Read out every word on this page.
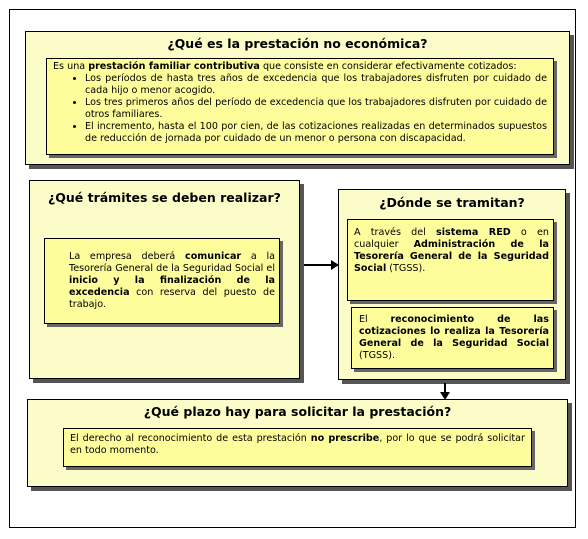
¿Qué es la prestación no económica?

Es una prestación familiar contributiva que consiste en considerar efectivamente cotizados:

• Los períodos de hasta tres años de excedencia que los trabajadores disfruten por cuidado de cada hijo o menor acogido.
• Los tres primeros años del período de excedencia que los trabajadores disfruten por cuidado de otros familiares.
• El incremento, hasta el 100 por cien, de las cotizaciones realizadas en determinados supuestos de reducción de jornada por cuidado de un menor o persona con discapacidad.
¿Qué trámites se deben realizar?
La empresa deberá comunicar a la Tesorería General de la Seguridad Social el inicio y la finalización de la excedencia con reserva del puesto de trabajo.
¿Dónde se tramitan?
A través del sistema RED o en cualquier Administración de la Tesorería General de la Seguridad Social (TGSS).
El reconocimiento de las cotizaciones lo realiza la Tesorería General de la Seguridad Social (TGSS).
¿Qué plazo hay para solicitar la prestación?
El derecho al reconocimiento de esta prestación no prescribe, por lo que se podrá solicitar en todo momento.
